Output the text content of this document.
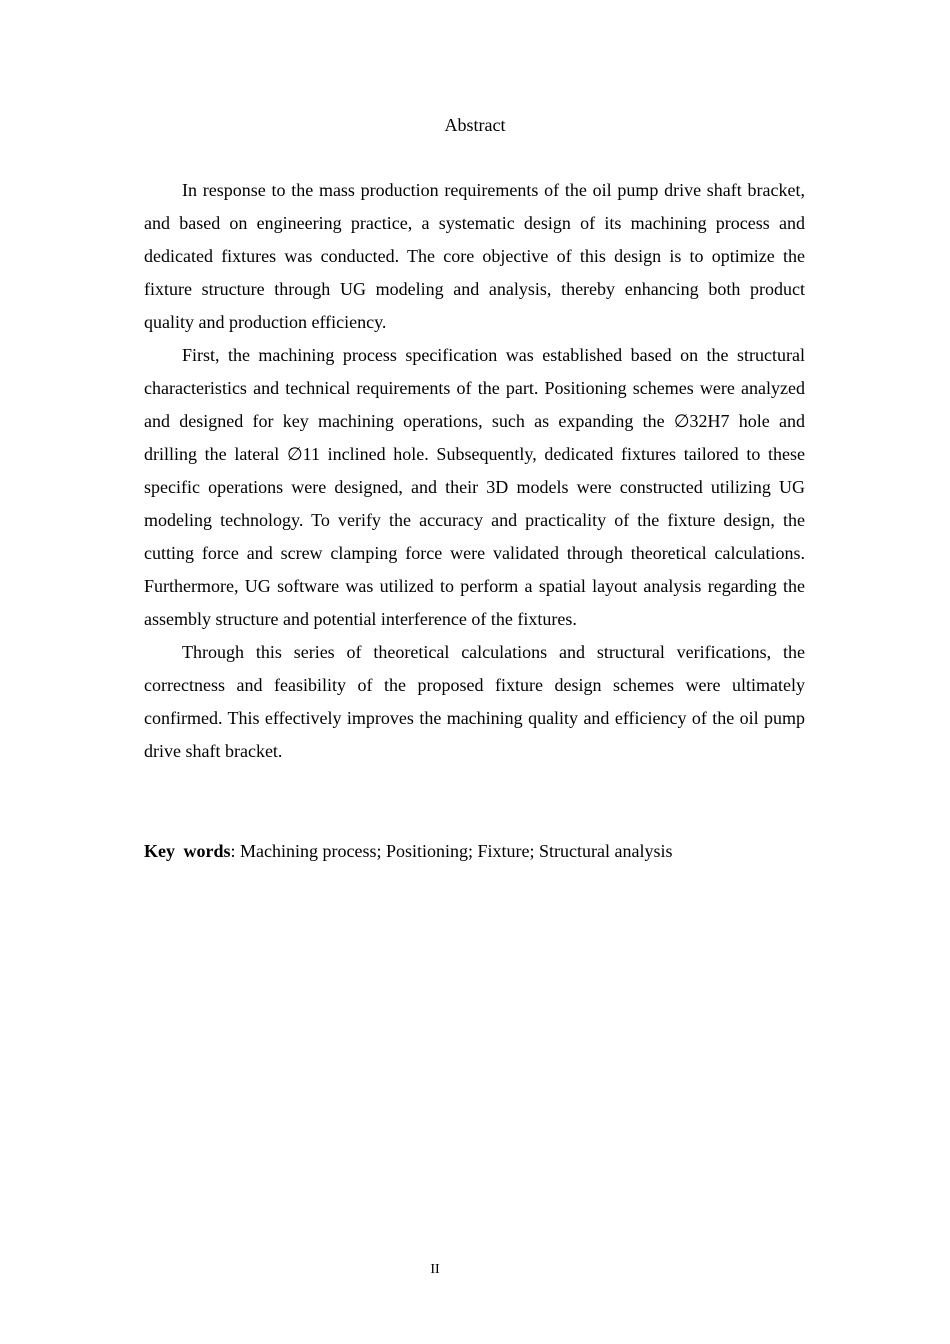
Abstract

In response to the mass production requirements of the oil pump drive shaft bracket, and based on engineering practice, a systematic design of its machining process and dedicated fixtures was conducted. The core objective of this design is to optimize the fixture structure through UG modeling and analysis, thereby enhancing both product quality and production efficiency.

First, the machining process specification was established based on the structural characteristics and technical requirements of the part. Positioning schemes were analyzed and designed for key machining operations, such as expanding the ∅32H7 hole and drilling the lateral ∅11 inclined hole. Subsequently, dedicated fixtures tailored to these specific operations were designed, and their 3D models were constructed utilizing UG modeling technology. To verify the accuracy and practicality of the fixture design, the cutting force and screw clamping force were validated through theoretical calculations. Furthermore, UG software was utilized to perform a spatial layout analysis regarding the assembly structure and potential interference of the fixtures.

Through this series of theoretical calculations and structural verifications, the correctness and feasibility of the proposed fixture design schemes were ultimately confirmed. This effectively improves the machining quality and efficiency of the oil pump drive shaft bracket.

Key words: Machining process; Positioning; Fixture; Structural analysis
II
